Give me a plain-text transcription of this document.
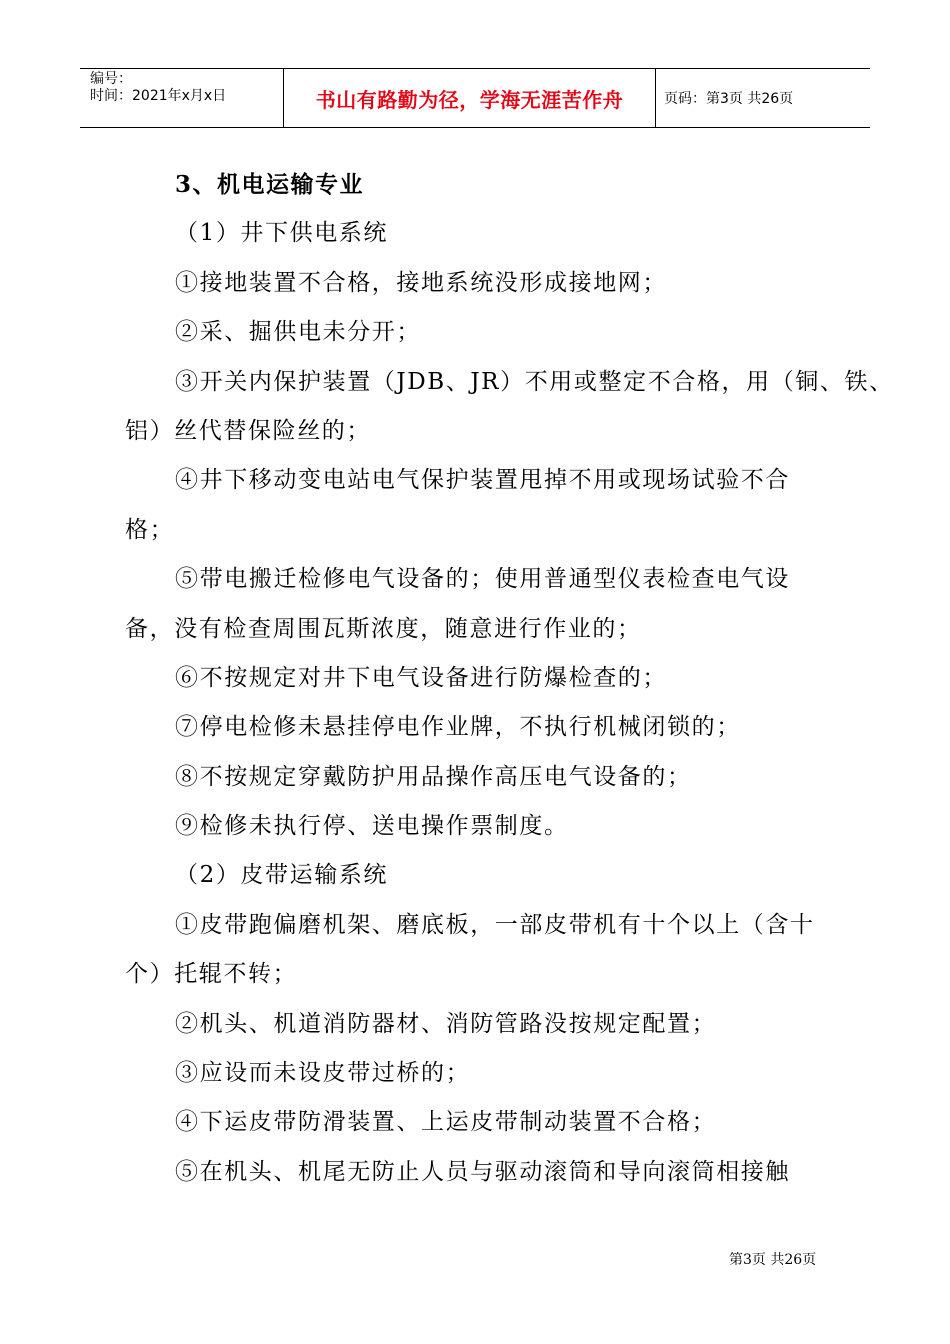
编号：
时间：2021年x月x日	书山有路勤为径，学海无涯苦作舟	页码：第3页 共26页
3、机电运输专业
（1）井下供电系统
①接地装置不合格，接地系统没形成接地网；
②采、掘供电未分开；
③开关内保护装置（JDB、JR）不用或整定不合格，用（铜、铁、
铝）丝代替保险丝的；
④井下移动变电站电气保护装置甩掉不用或现场试验不合
格；
⑤带电搬迁检修电气设备的；使用普通型仪表检查电气设
备，没有检查周围瓦斯浓度，随意进行作业的；
⑥不按规定对井下电气设备进行防爆检查的；
⑦停电检修未悬挂停电作业牌，不执行机械闭锁的；
⑧不按规定穿戴防护用品操作高压电气设备的；
⑨检修未执行停、送电操作票制度。
（2）皮带运输系统
①皮带跑偏磨机架、磨底板，一部皮带机有十个以上（含十
个）托辊不转；
②机头、机道消防器材、消防管路没按规定配置；
③应设而未设皮带过桥的；
④下运皮带防滑装置、上运皮带制动装置不合格；
⑤在机头、机尾无防止人员与驱动滚筒和导向滚筒相接触
第3页 共26页
